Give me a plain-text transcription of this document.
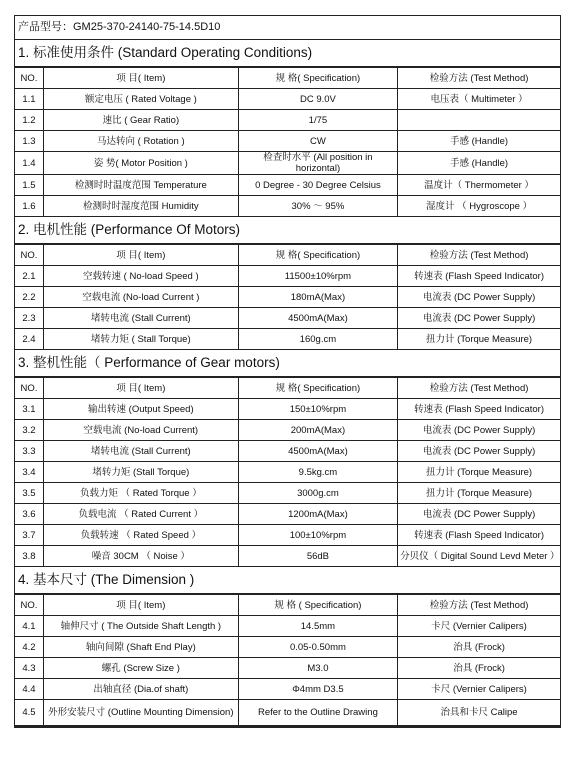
产品型号：GM25-370-24140-75-14.5D10
1. 标准使用条件 (Standard Operating Conditions)
NO.	项 目( Item)	规 格( Specification)	检验方法 (Test Method)
1.1	额定电压 ( Rated Voltage )	DC 9.0V	电压表（ Multimeter ）
1.2	速比 ( Gear Ratio)	1/75	
1.3	马达转向 ( Rotation )	CW	手感 (Handle)
1.4	姿 势( Motor Position )	检查时水平 (All position in horizontal)	手感 (Handle)
1.5	检测时时温度范围 Temperature	0 Degree - 30 Degree Celsius	温度计（ Thermometer ）
1.6	检测时时湿度范围 Humidity	30% ～ 95%	湿度计 （ Hygroscope ）
2. 电机性能 (Performance Of Motors)
NO.	项 目( Item)	规 格( Specification)	检验方法 (Test Method)
2.1	空载转速 ( No-load Speed )	11500±10%rpm	转速表 (Flash Speed Indicator)
2.2	空载电流 (No-load Current )	180mA(Max)	电流表 (DC Power Supply)
2.3	堵转电流 (Stall Current)	4500mA(Max)	电流表 (DC Power Supply)
2.4	堵转力矩 ( Stall Torque)	160g.cm	扭力计 (Torque Measure)
3. 整机性能（ Performance of Gear motors)
NO.	项 目( Item)	规 格( Specification)	检验方法 (Test Method)
3.1	输出转速 (Output Speed)	150±10%rpm	转速表 (Flash Speed Indicator)
3.2	空载电流 (No-load Current)	200mA(Max)	电流表 (DC Power Supply)
3.3	堵转电流 (Stall Current)	4500mA(Max)	电流表 (DC Power Supply)
3.4	堵转力矩 (Stall Torque)	9.5kg.cm	扭力计 (Torque Measure)
3.5	负载力矩 （ Rated Torque ）	3000g.cm	扭力计 (Torque Measure)
3.6	负载电流 （ Rated Current ）	1200mA(Max)	电流表 (DC Power Supply)
3.7	负载转速 （ Rated Speed ）	100±10%rpm	转速表 (Flash Speed Indicator)
3.8	噪音 30CM （ Noise ）	56dB	分贝仪（ Digital Sound Levd Meter ）
4. 基本尺寸 (The Dimension )
NO.	项 目( Item)	规 格 ( Specification)	检验方法 (Test Method)
4.1	轴伸尺寸 ( The Outside Shaft Length )	14.5mm	卡尺 (Vernier Calipers)
4.2	轴向间隙 (Shaft End Play)	0.05-0.50mm	治具 (Frock)
4.3	螺孔 (Screw Size )	M3.0	治具 (Frock)
4.4	出轴直径 (Dia.of shaft)	Φ4mm D3.5	卡尺 (Vernier Calipers)
4.5	外形安装尺寸 (Outline Mounting Dimension)	Refer to the Outline Drawing	治具和卡尺 Calipe
